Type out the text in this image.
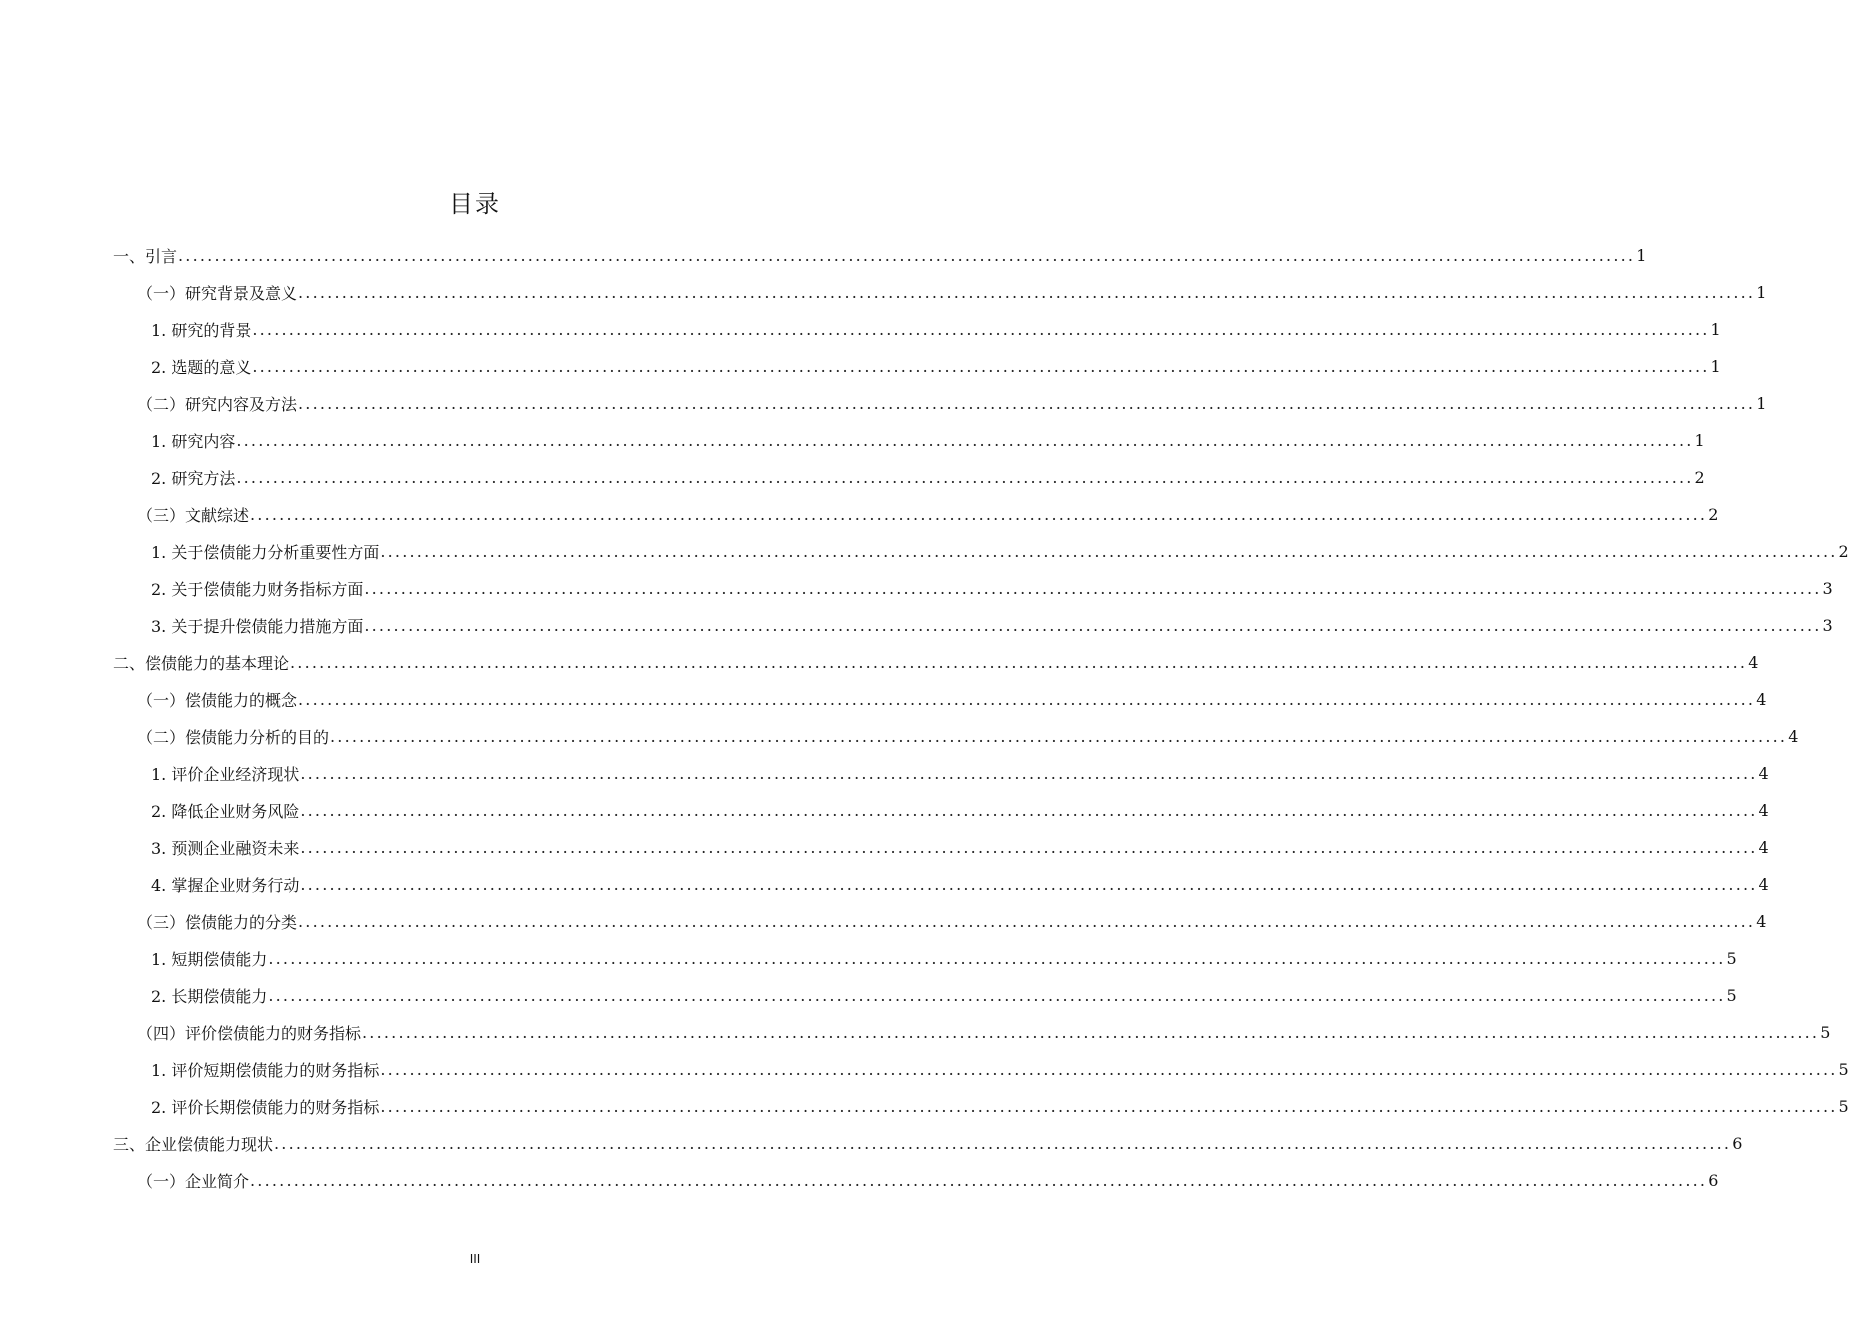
目录
一、引言 ........................................................................................................................................................................................................ 1
（一）研究背景及意义 ........................................................................................................................................................................................................ 1
1. 研究的背景 ........................................................................................................................................................................................................ 1
2. 选题的意义 ........................................................................................................................................................................................................ 1
（二）研究内容及方法 ........................................................................................................................................................................................................ 1
1. 研究内容 ........................................................................................................................................................................................................ 1
2. 研究方法 ........................................................................................................................................................................................................ 2
（三）文献综述 ........................................................................................................................................................................................................ 2
1. 关于偿债能力分析重要性方面 ........................................................................................................................................................................................................ 2
2. 关于偿债能力财务指标方面 ........................................................................................................................................................................................................ 3
3. 关于提升偿债能力措施方面 ........................................................................................................................................................................................................ 3
二、偿债能力的基本理论 ........................................................................................................................................................................................................ 4
（一）偿债能力的概念 ........................................................................................................................................................................................................ 4
（二）偿债能力分析的目的 ........................................................................................................................................................................................................ 4
1. 评价企业经济现状 ........................................................................................................................................................................................................ 4
2. 降低企业财务风险 ........................................................................................................................................................................................................ 4
3. 预测企业融资未来 ........................................................................................................................................................................................................ 4
4. 掌握企业财务行动 ........................................................................................................................................................................................................ 4
（三）偿债能力的分类 ........................................................................................................................................................................................................ 4
1. 短期偿债能力 ........................................................................................................................................................................................................ 5
2. 长期偿债能力 ........................................................................................................................................................................................................ 5
（四）评价偿债能力的财务指标 ........................................................................................................................................................................................................ 5
1. 评价短期偿债能力的财务指标 ........................................................................................................................................................................................................ 5
2. 评价长期偿债能力的财务指标 ........................................................................................................................................................................................................ 5
三、企业偿债能力现状 ........................................................................................................................................................................................................ 6
（一）企业简介 ........................................................................................................................................................................................................ 6
III
